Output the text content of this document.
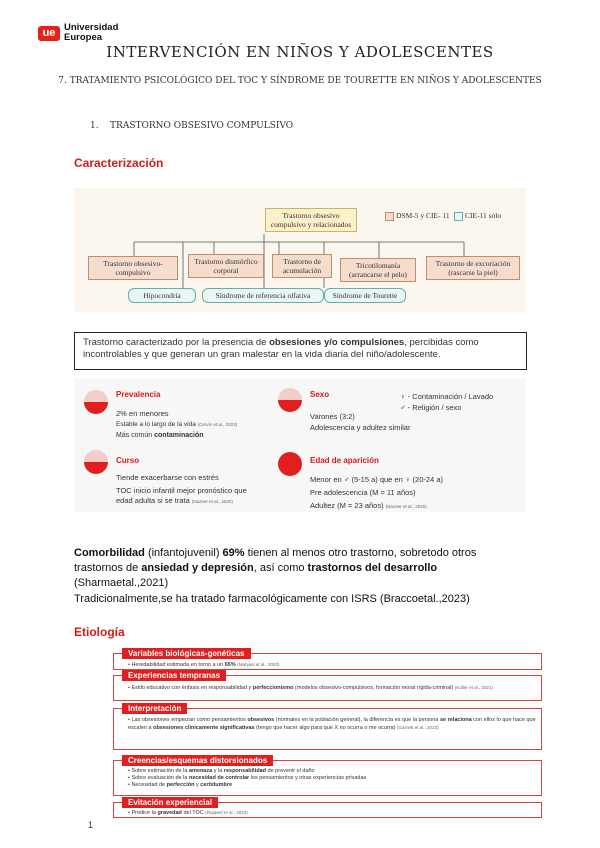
ue Universidad
Europea
INTERVENCIÓN EN NIÑOS Y ADOLESCENTES
7. TRATAMIENTO PSICOLÓGICO DEL TOC Y SÍNDROME DE TOURETTE EN NIÑOS Y ADOLESCENTES
1. TRASTORNO OBSESIVO COMPULSIVO
Caracterización
Trastorno obsesivo compulsivo y relacionados
DSM-5 y CIE- 11 CIE-11 sólo
Trastorno obsesivo-compulsivo
Trastorno dismórfico corporal
Trastorno de acumulación
Tricotilomanía (arrancarse el pelo)
Trastorno de excoriación (rascarse la piel)
Hipocondría	Síndrome de referencia olfativa	Síndrome de Tourette
Trastorno caracterizado por la presencia de obsesiones y/o compulsiones, percibidas como incontrolables y que generan un gran malestar en la vida diaria del niño/adolescente.
Prevalencia
2% en menores
Estable a lo largo de la vida (Cervin et al., 2023)
Más común contaminación
Sexo
Varones (3:2)
Adolescencia y adultez similar
♀ - Contaminación / Lavado
♂ - Religión / sexo
Curso
Tiende exacerbarse con estrés
TOC inicio infantil mejor pronóstico que
edad adulta si se trata (Nazeer et al., 2020)
Edad de aparición
Menor en ♂ (5-15 a) que en ♀ (20-24 a)
Pre adolescencia (M = 11 años)
Adultez (M = 23 años) (Nazeer et al., 2020)
Comorbilidad (infantojuvenil) 69% tienen al menos otro trastorno, sobretodo otros
trastornos de ansiedad y depresión, así como trastornos del desarrollo
(Sharmaetal.,2021)
Tradicionalmente,se ha tratado farmacológicamente con ISRS (Braccoetal.,2023)
Etiología
Variables biológicas-genéticas
• Heredabilidad estimada en torno a un 65% (Mahjani et al., 2020)
Experiencias tempranas
• Estilo educativo con énfasis en responsabilidad y perfeccionismo (modelos obsesivo-compulsivos, formación moral rígida-criminal) (Koller et al., 2021)
Interpretación
• Las obsesiones empiezan como pensamientos obsesivos (normales en la población general), la diferencia es que la persona se relaciona con ellos lo que hace que escalen a obsesiones clínicamente significativas (tengo que hacer algo para que X no ocurra o me ocurra) (Garnett et al., 2023)
Creencias/esquemas distorsionados
• Sobre estimación de la amenaza y la responsabilidad de prevenir el daño
• Sobre evaluación de la necesidad de controlar los pensamientos y otras experiencias privadas
• Necesidad de perfección y certidumbre
Evitación experiencial
• Predice la gravedad del TOC (Ruppert et al., 2023)
1
